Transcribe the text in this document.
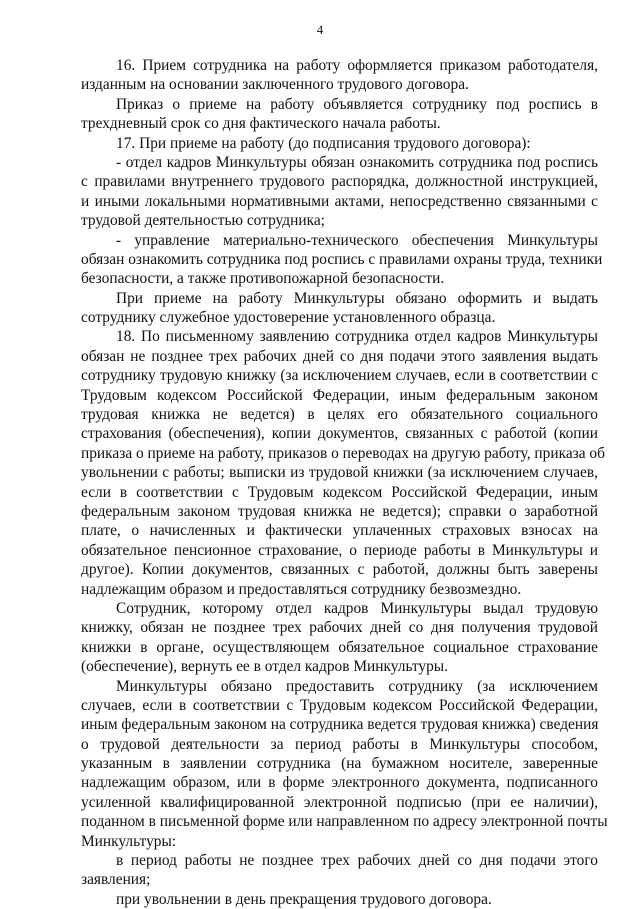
4
16. Прием сотрудника на работу оформляется приказом работодателя,
изданным на основании заключенного трудового договора.
Приказ о приеме на работу объявляется сотруднику под роспись в
трехдневный срок со дня фактического начала работы.
17. При приеме на работу (до подписания трудового договора):
- отдел кадров Минкультуры обязан ознакомить сотрудника под роспись
с правилами внутреннего трудового распорядка, должностной инструкцией,
и иными локальными нормативными актами, непосредственно связанными с
трудовой деятельностью сотрудника;
- управление материально-технического обеспечения Минкультуры
обязан ознакомить сотрудника под роспись с правилами охраны труда, техники
безопасности, а также противопожарной безопасности.
При приеме на работу Минкультуры обязано оформить и выдать
сотруднику служебное удостоверение установленного образца.
18. По письменному заявлению сотрудника отдел кадров Минкультуры
обязан не позднее трех рабочих дней со дня подачи этого заявления выдать
сотруднику трудовую книжку (за исключением случаев, если в соответствии с
Трудовым кодексом Российской Федерации, иным федеральным законом
трудовая книжка не ведется) в целях его обязательного социального
страхования (обеспечения), копии документов, связанных с работой (копии
приказа о приеме на работу, приказов о переводах на другую работу, приказа об
увольнении с работы; выписки из трудовой книжки (за исключением случаев,
если в соответствии с Трудовым кодексом Российской Федерации, иным
федеральным законом трудовая книжка не ведется); справки о заработной
плате, о начисленных и фактически уплаченных страховых взносах на
обязательное пенсионное страхование, о периоде работы в Минкультуры и
другое). Копии документов, связанных с работой, должны быть заверены
надлежащим образом и предоставляться сотруднику безвозмездно.
Сотрудник, которому отдел кадров Минкультуры выдал трудовую
книжку, обязан не позднее трех рабочих дней со дня получения трудовой
книжки в органе, осуществляющем обязательное социальное страхование
(обеспечение), вернуть ее в отдел кадров Минкультуры.
Минкультуры обязано предоставить сотруднику (за исключением
случаев, если в соответствии с Трудовым кодексом Российской Федерации,
иным федеральным законом на сотрудника ведется трудовая книжка) сведения
о трудовой деятельности за период работы в Минкультуры способом,
указанным в заявлении сотрудника (на бумажном носителе, заверенные
надлежащим образом, или в форме электронного документа, подписанного
усиленной квалифицированной электронной подписью (при ее наличии),
поданном в письменной форме или направленном по адресу электронной почты
Минкультуры:
в период работы не позднее трех рабочих дней со дня подачи этого
заявления;
при увольнении в день прекращения трудового договора.
